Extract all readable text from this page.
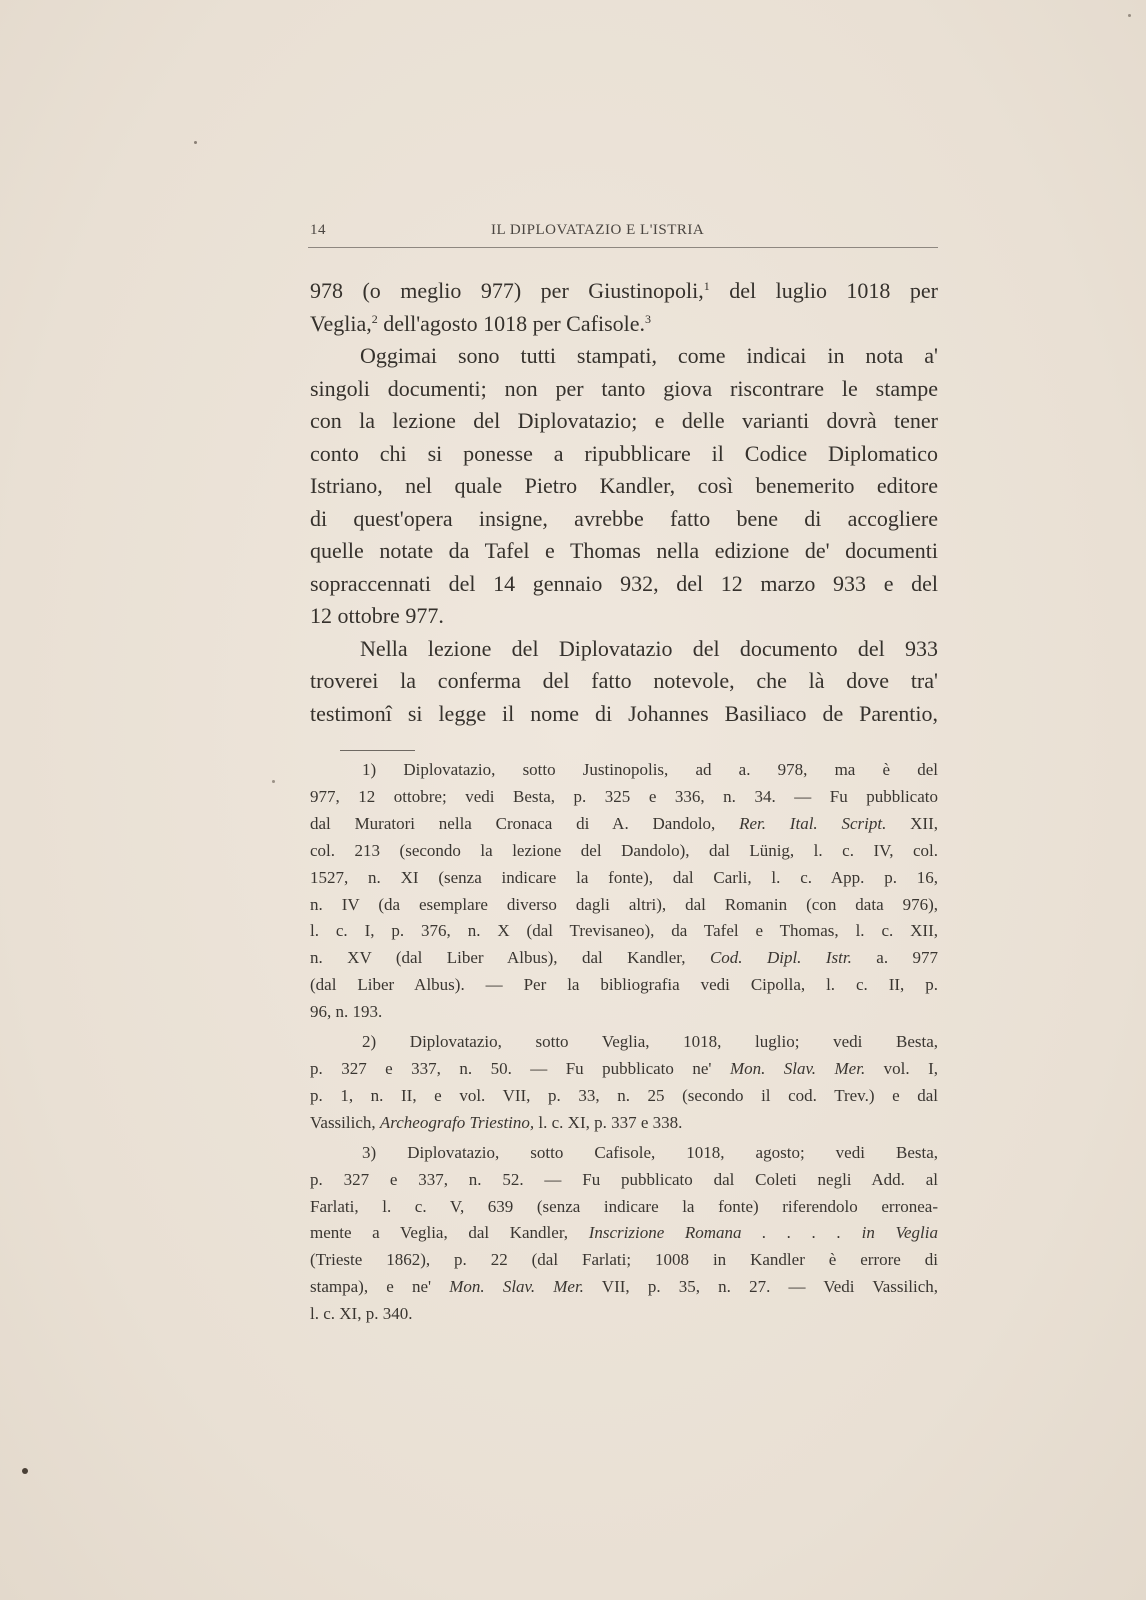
14	IL DIPLOVATAZIO E L'ISTRIA
978 (o meglio 977) per Giustinopoli,$^1$ del luglio 1018 per
Veglia,$^2$ dell'agosto 1018 per Cafisole.$^3$
Oggimai sono tutti stampati, come indicai in nota a'
singoli documenti; non per tanto giova riscontrare le stampe
con la lezione del Diplovatazio; e delle varianti dovrà tener
conto chi si ponesse a ripubblicare il Codice Diplomatico
Istriano, nel quale Pietro Kandler, così benemerito editore
di quest'opera insigne, avrebbe fatto bene di accogliere
quelle notate da Tafel e Thomas nella edizione de' documenti
sopraccennati del 14 gennaio 932, del 12 marzo 933 e del
12 ottobre 977.
Nella lezione del Diplovatazio del documento del 933
troverei la conferma del fatto notevole, che là dove tra'
testimonî si legge il nome di Johannes Basiliaco de Parentio,
1) Diplovatazio, sotto Justinopolis, ad a. 978, ma è del
977, 12 ottobre; vedi Besta, p. 325 e 336, n. 34. — Fu pubblicato
dal Muratori nella Cronaca di A. Dandolo, Rer. Ital. Script. XII,
col. 213 (secondo la lezione del Dandolo), dal Lünig, l. c. IV, col.
1527, n. XI (senza indicare la fonte), dal Carli, l. c. App. p. 16,
n. IV (da esemplare diverso dagli altri), dal Romanin (con data 976),
l. c. I, p. 376, n. X (dal Trevisaneo), da Tafel e Thomas, l. c. XII,
n. XV (dal Liber Albus), dal Kandler, Cod. Dipl. Istr. a. 977
(dal Liber Albus). — Per la bibliografia vedi Cipolla, l. c. II, p.
96, n. 193.
2) Diplovatazio, sotto Veglia, 1018, luglio; vedi Besta,
p. 327 e 337, n. 50. — Fu pubblicato ne' Mon. Slav. Mer. vol. I,
p. 1, n. II, e vol. VII, p. 33, n. 25 (secondo il cod. Trev.) e dal
Vassilich, Archeografo Triestino, l. c. XI, p. 337 e 338.
3) Diplovatazio, sotto Cafisole, 1018, agosto; vedi Besta,
p. 327 e 337, n. 52. — Fu pubblicato dal Coleti negli Add. al
Farlati, l. c. V, 639 (senza indicare la fonte) riferendolo erronea-
mente a Veglia, dal Kandler, Inscrizione Romana . . . . in Veglia
(Trieste 1862), p. 22 (dal Farlati; 1008 in Kandler è errore di
stampa), e ne' Mon. Slav. Mer. VII, p. 35, n. 27. — Vedi Vassilich,
l. c. XI, p. 340.
